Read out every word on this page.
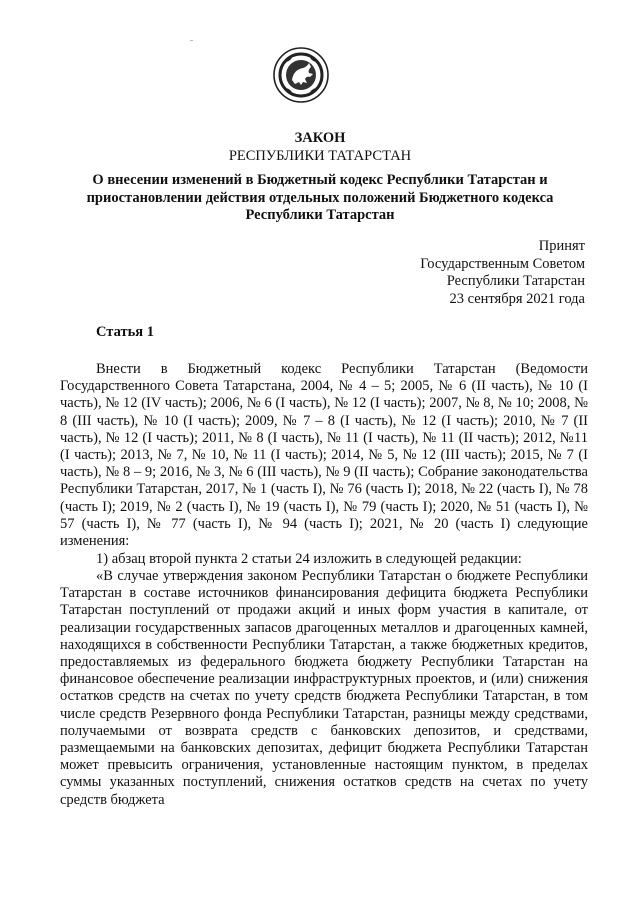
ЗАКОН
РЕСПУБЛИКИ ТАТАРСТАН
О внесении изменений в Бюджетный кодекс Республики Татарстан и приостановлении действия отдельных положений Бюджетного кодекса Республики Татарстан
Принят
Государственным Советом
Республики Татарстан
23 сентября 2021 года
Статья 1
Внести в Бюджетный кодекс Республики Татарстан (Ведомости Государственного Совета Татарстана, 2004, № 4 – 5; 2005, № 6 (II часть), № 10 (I часть), № 12 (IV часть); 2006, № 6 (I часть), № 12 (I часть); 2007, № 8, № 10; 2008, № 8 (III часть), № 10 (I часть); 2009, № 7 – 8 (I часть), № 12 (I часть); 2010, № 7 (II часть), № 12 (I часть); 2011, № 8 (I часть), № 11 (I часть), № 11 (II часть); 2012, №11 (I часть); 2013, № 7, № 10, № 11 (I часть); 2014, № 5, № 12 (III часть); 2015, № 7 (I часть), № 8 – 9; 2016, № 3, № 6 (III часть), № 9 (II часть); Собрание законодательства Республики Татарстан, 2017, № 1 (часть I), № 76 (часть I); 2018, № 22 (часть I), № 78 (часть I); 2019, № 2 (часть I), № 19 (часть I), № 79 (часть I); 2020, № 51 (часть I), № 57 (часть I), № 77 (часть I), № 94 (часть I); 2021, № 20 (часть I) следующие изменения:
1) абзац второй пункта 2 статьи 24 изложить в следующей редакции:
«В случае утверждения законом Республики Татарстан о бюджете Республики Татарстан в составе источников финансирования дефицита бюджета Республики Татарстан поступлений от продажи акций и иных форм участия в капитале, от реализации государственных запасов драгоценных металлов и драгоценных камней, находящихся в собственности Республики Татарстан, а также бюджетных кредитов, предоставляемых из федерального бюджета бюджету Республики Татарстан на финансовое обеспечение реализации инфраструктурных проектов, и (или) снижения остатков средств на счетах по учету средств бюджета Республики Татарстан, в том числе средств Резервного фонда Республики Татарстан, разницы между средствами, получаемыми от возврата средств с банковских депозитов, и средствами, размещаемыми на банковских депозитах, дефицит бюджета Республики Татарстан может превысить ограничения, установленные настоящим пунктом, в пределах суммы указанных поступлений, снижения остатков средств на счетах по учету средств бюджета
